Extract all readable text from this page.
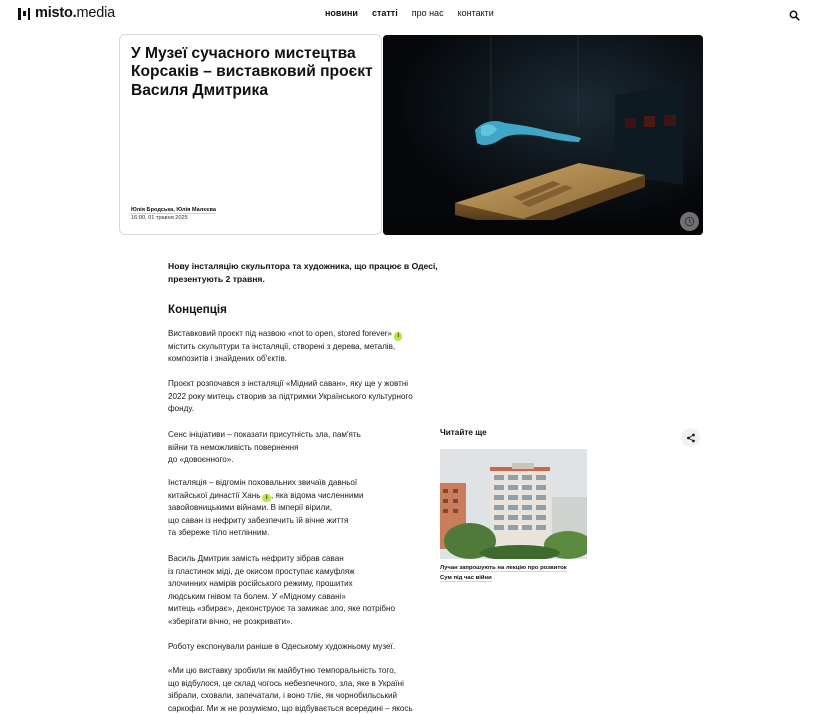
misto.media	новини статті про нас контакти
У Музеї сучасного мистецтва Корсаків – виставковий проєкт Василя Дмитрика
Юлія Бродська, Юлія Малєєва
16:00, 01 травня 2025
Нову інсталяцію скульптора та художника, що працює в Одесі, презентують 2 травня.
Концепція
Виставковий проєкт під назвою «not to open, stored forever» i
містить скульптури та інсталяції, створені з дерева, металів,
композитів і знайдених об'єктів.
Проєкт розпочався з інсталяції «Мідний саван», яку ще у жовтні
2022 року митець створив за підтримки Українського культурного
фонду.
Сенс ініціативи – показати присутність зла, пам'ять
війни та неможливість повернення
до «довоєнного».
Інсталяція – відгомін поховальних звичаїв давньої
китайської династії Хань i , яка відома численними
завойовницькими війнами. В імперії вірили,
що саван із нефриту забезпечить їй вічне життя
та збереже тіло нетлінним.
Василь Дмитрик замість нефриту зібрав саван
із пластинок міді, де окисом проступає камуфляж
злочинних намірів російського режиму, прошитих
людським гнівом та болем. У «Мідному савані»
митець «збирає», деконструює та замикає зло, яке потрібно
«зберігати вічно, не розкривати».
Роботу експонували раніше в Одеському художньому музеї.
«Ми цю виставку зробили як майбутню темпоральність того,
що відбулося, це склад чогось небезпечного, зла, яке в Україні
зібрали, сховали, запечатали, і воно тліє, як чорнобильський
саркофаг. Ми ж не розуміємо, що відбувається всередині – якось
Читайте ще
Лучан запрошують на лекцію про розвиток Сум під час війни
